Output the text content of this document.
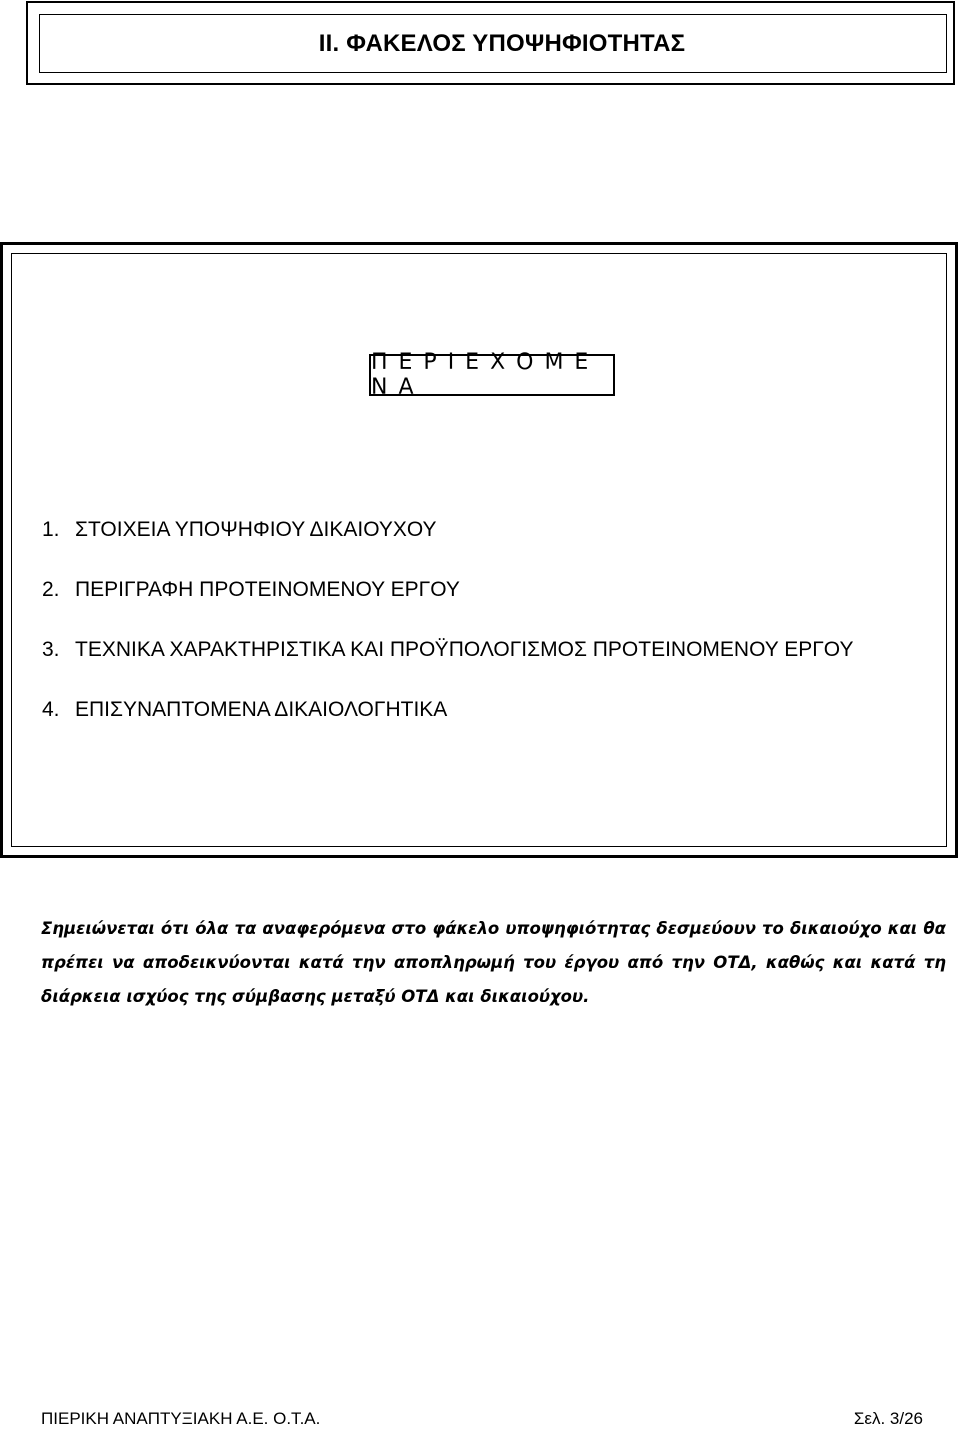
ΙΙ. ΦΑΚΕΛΟΣ ΥΠΟΨΗΦΙΟΤΗΤΑΣ
Π Ε Ρ Ι Ε Χ Ο Μ Ε Ν Α
1. ΣΤΟΙΧΕΙΑ ΥΠΟΨΗΦΙΟΥ ΔΙΚΑΙΟΥΧΟΥ
2. ΠΕΡΙΓΡΑΦΗ ΠΡΟΤΕΙΝΟΜΕΝΟΥ ΕΡΓΟΥ
3. ΤΕΧΝΙΚΑ ΧΑΡΑΚΤΗΡΙΣΤΙΚΑ ΚΑΙ ΠΡΟΫΠΟΛΟΓΙΣΜΟΣ ΠΡΟΤΕΙΝΟΜΕΝΟΥ ΕΡΓΟΥ
4. ΕΠΙΣΥΝΑΠΤΟΜΕΝΑ ΔΙΚΑΙΟΛΟΓΗΤΙΚΑ

Σημειώνεται ότι όλα τα αναφερόμενα στο φάκελο υποψηφιότητας δεσμεύουν το δικαιούχο και θα πρέπει να αποδεικνύονται κατά την αποπληρωμή του έργου από την ΟΤΔ, καθώς και κατά τη διάρκεια ισχύος της σύμβασης μεταξύ ΟΤΔ και δικαιούχου.

ΠΙΕΡΙΚΗ ΑΝΑΠΤΥΞΙΑΚΗ Α.Ε. Ο.Τ.Α.	Σελ. 3/26
